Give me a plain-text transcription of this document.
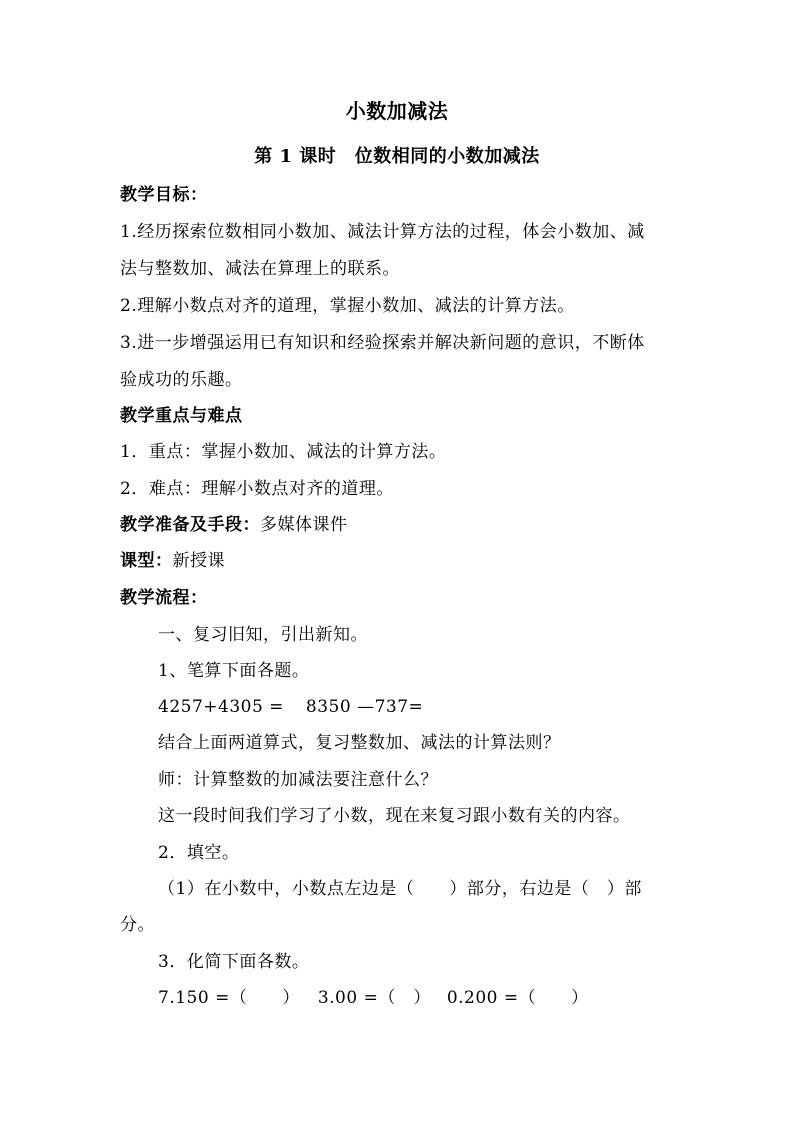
小数加减法
第 1 课时　位数相同的小数加减法
教学目标：
1.经历探索位数相同小数加、减法计算方法的过程，体会小数加、减
法与整数加、减法在算理上的联系。
2.理解小数点对齐的道理，掌握小数加、减法的计算方法。
3.进一步增强运用已有知识和经验探索并解决新问题的意识，不断体
验成功的乐趣。
教学重点与难点
1．重点：掌握小数加、减法的计算方法。
2．难点：理解小数点对齐的道理。
教学准备及手段：多媒体课件
课型：新授课
教学流程：
一、复习旧知，引出新知。
1、笔算下面各题。
4257+4305 = 8350 —737=
结合上面两道算式，复习整数加、减法的计算法则？
师：计算整数的加减法要注意什么？
这一段时间我们学习了小数，现在来复习跟小数有关的内容。
2．填空。
（1）在小数中，小数点左边是（　　）部分，右边是（　）部
分。
3．化简下面各数。
7.150 =（　　） 3.00 =（　） 0.200 =（　　）
